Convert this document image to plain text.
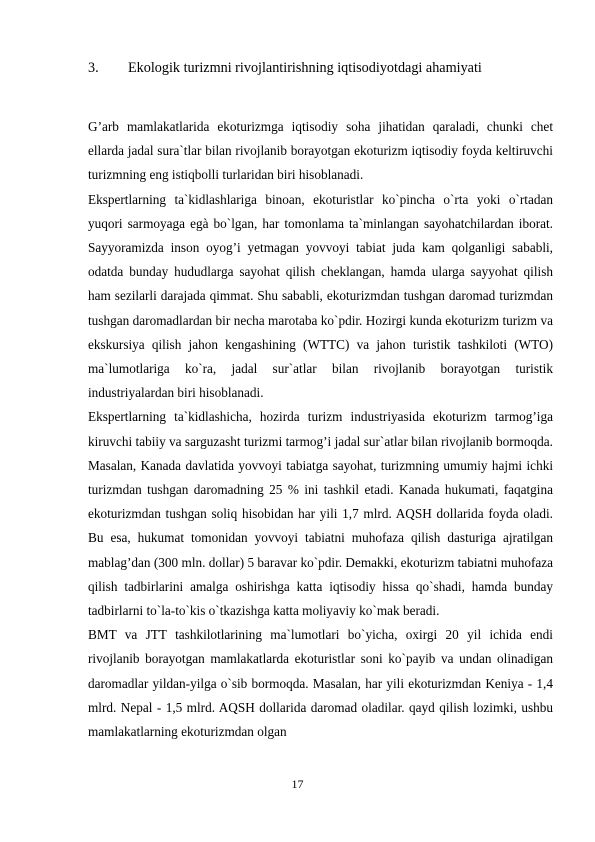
3. Ekologik turizmni rivojlantirishning iqtisodiyotdagi ahamiyati

G’arb mamlakatlarida ekoturizmga iqtisodiy soha jihatidan qaraladi, chunki chet ellarda jadal sura`tlar bilan rivojlanib borayotgan ekoturizm iqtisodiy foyda keltiruvchi turizmning eng istiqbolli turlaridan biri hisoblanadi.

Ekspertlarning ta`kidlashlariga binoan, ekoturistlar ko`pincha o`rta yoki o`rtadan yuqori sarmoyaga egà bo`lgan, har tomonlama ta`minlangan sayohatchilardan iborat. Sayyoramizda inson oyog’i yetmagan yovvoyi tabiat juda kam qolganligi sababli, odatda bunday hududlarga sayohat qilish cheklangan, hamda ularga sayyohat qilish ham sezilarli darajada qimmat. Shu sababli, ekoturizmdan tushgan daromad turizmdan tushgan daromadlardan bir necha marotaba ko`pdir. Hozirgi kunda ekoturizm turizm va ekskursiya qilish jahon kengashining (WTTC) va jahon turistik tashkiloti (WTO) ma`lumotlariga ko`ra, jadal sur`atlar bilan rivojlanib borayotgan turistik industriyalardan biri hisoblanadi.

Ekspertlarning ta`kidlashicha, hozirda turizm industriyasida ekoturizm tarmog’iga kiruvchi tabiiy va sarguzasht turizmi tarmog’i jadal sur`atlar bilan rivojlanib bormoqda. Masalan, Kanada davlatida yovvoyi tabiatga sayohat, turizmning umumiy hajmi ichki turizmdan tushgan daromadning 25 % ini tashkil etadi. Kanada hukumati, faqatgina ekoturizmdan tushgan soliq hisobidan har yili 1,7 mlrd. AQSH dollarida foyda oladi. Bu esa, hukumat tomonidan yovvoyi tabiatni muhofaza qilish dasturiga ajratilgan mablag’dan (300 mln. dollar) 5 baravar ko`pdir. Demakki, ekoturizm tabiatni muhofaza qilish tadbirlarini amalga oshirishga katta iqtisodiy hissa qo`shadi, hamda bunday tadbirlarni to`la-to`kis o`tkazishga katta moliyaviy ko`mak beradi.

BMT va JTT tashkilotlarining ma`lumotlari bo`yicha, oxirgi 20 yil ichida endi rivojlanib borayotgan mamlakatlarda ekoturistlar soni ko`payib va undan olinadigan daromadlar yildan-yilga o`sib bormoqda. Masalan, har yili ekoturizmdan Keniya - 1,4 mlrd. Nepal - 1,5 mlrd. AQSH dollarida daromad oladilar. qayd qilish lozimki, ushbu mamlakatlarning ekoturizmdan olgan

17
